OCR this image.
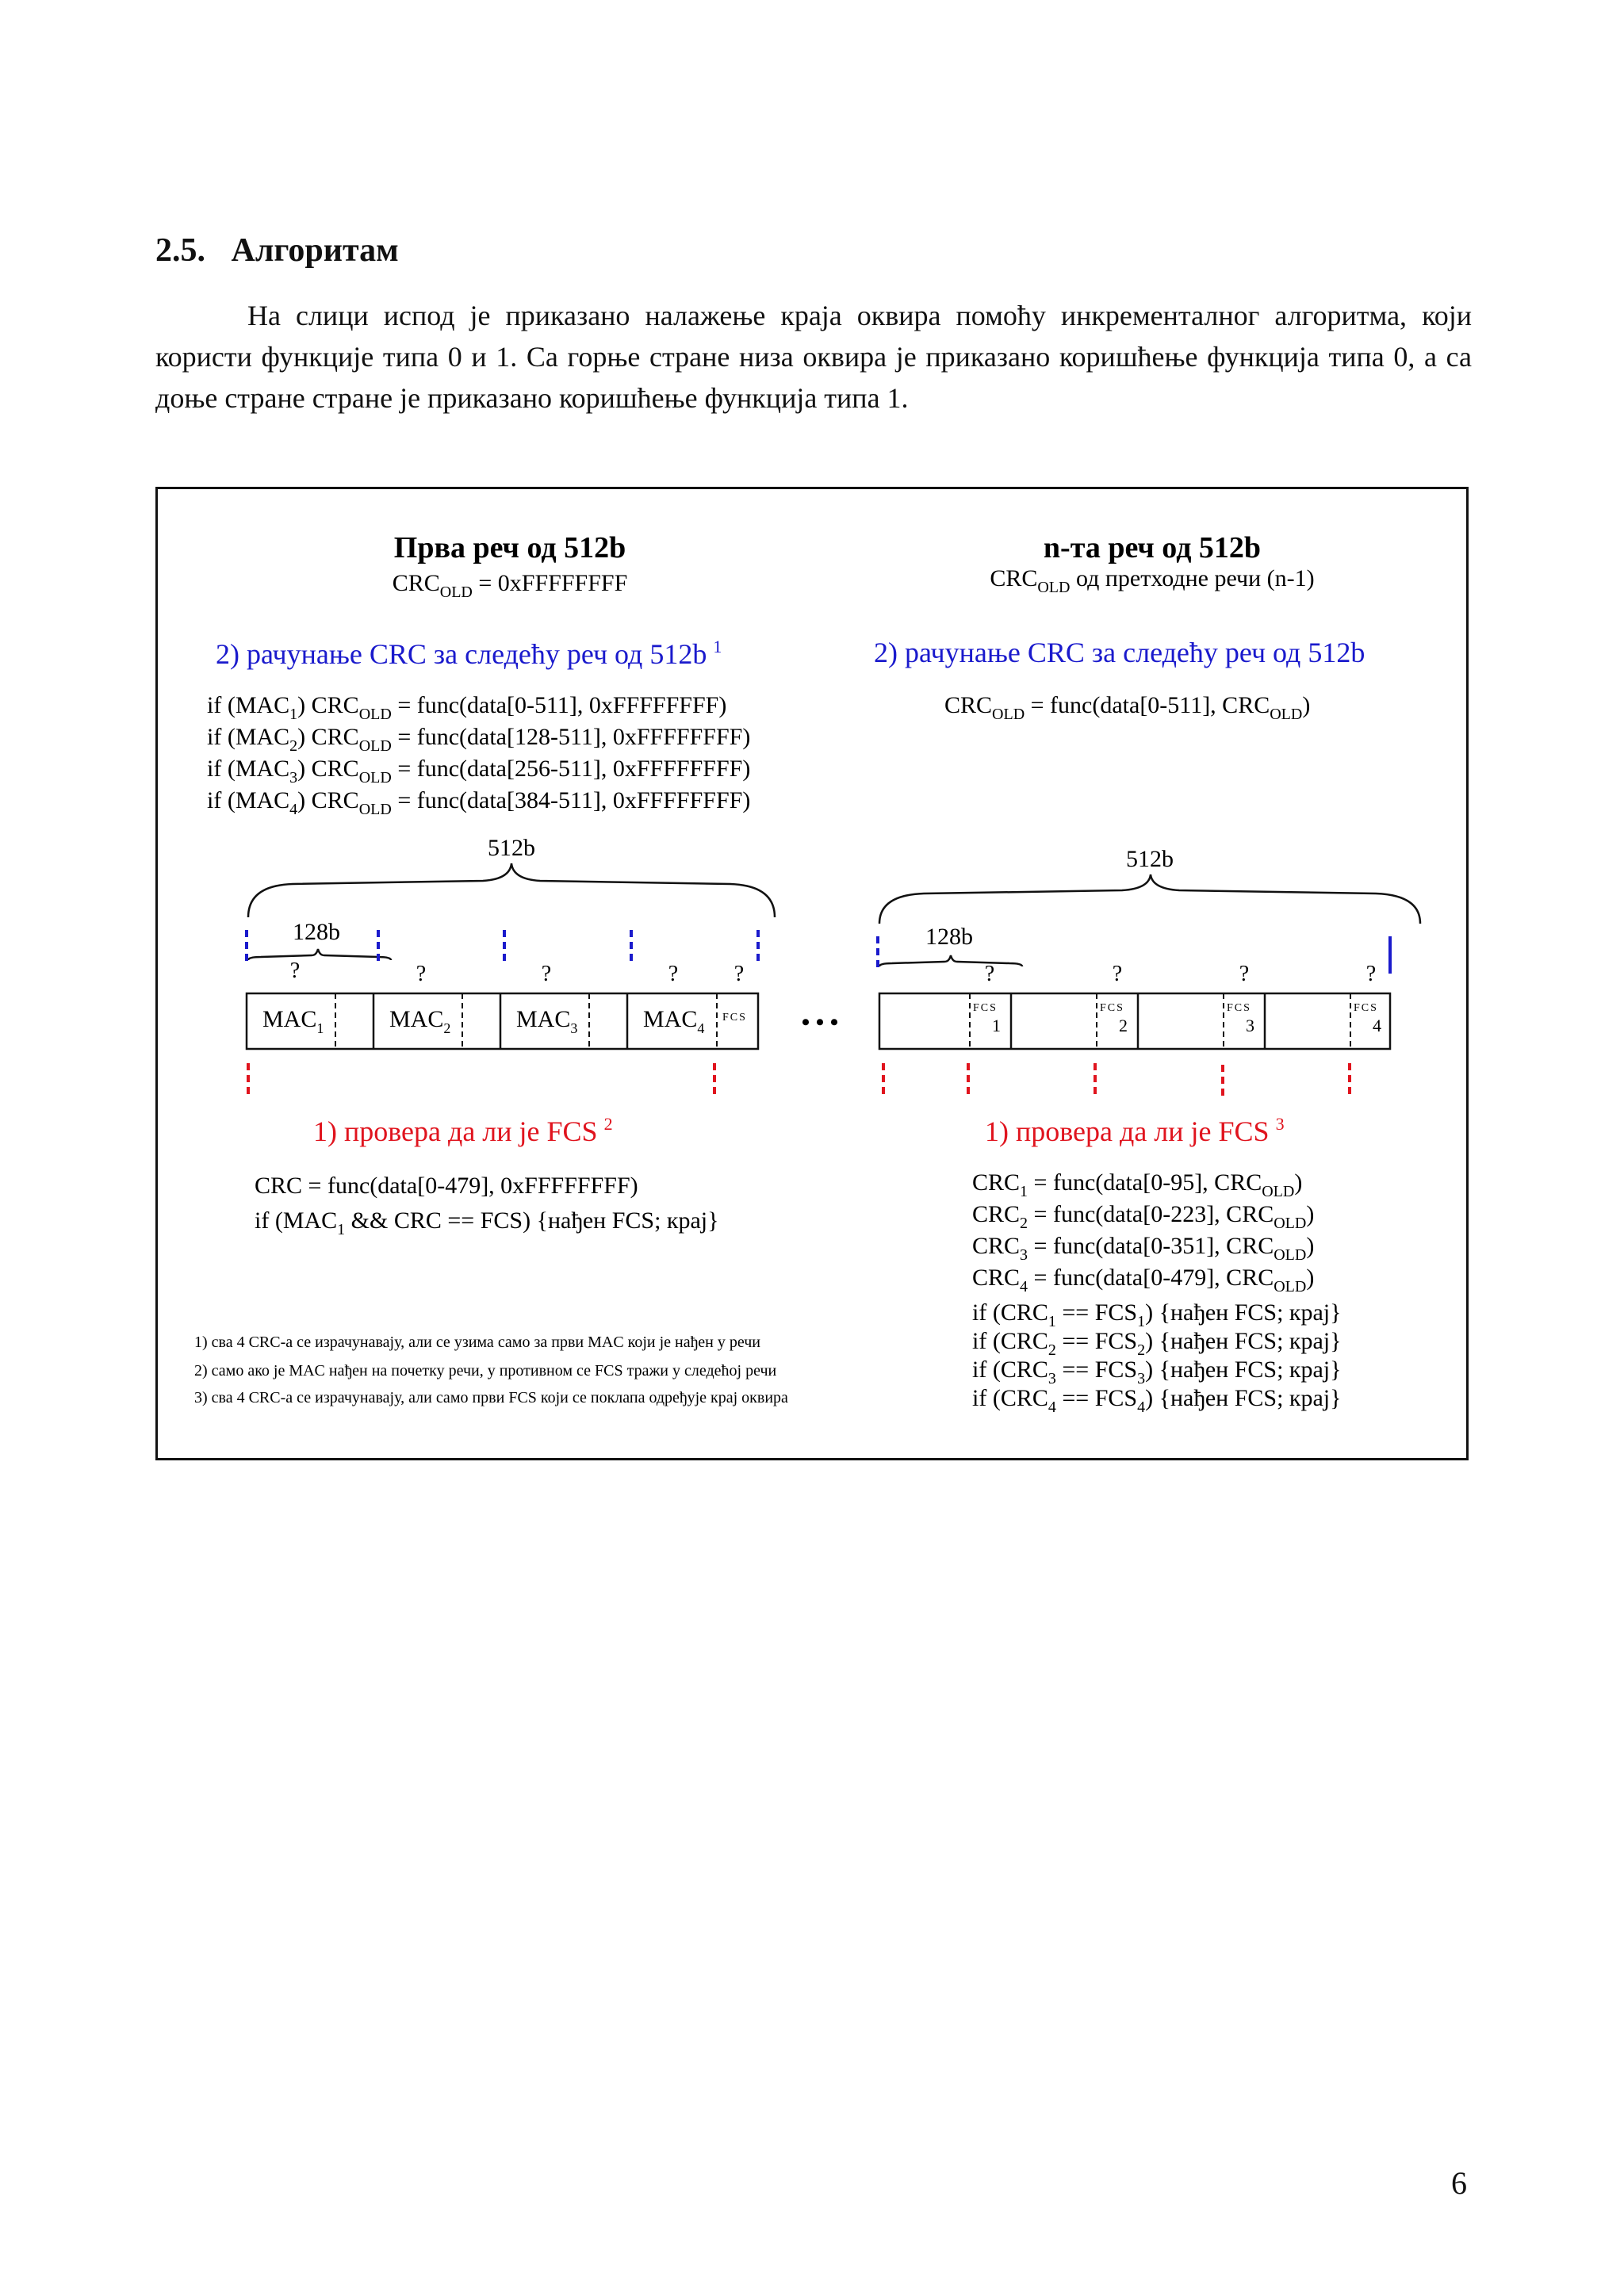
2.5. Алгоритам

На слици испод је приказано налажење краја оквира помоћу инкременталног алгоритма, који користи функције типа 0 и 1. Са горње стране низа оквира је приказано коришћење функција типа 0, а са доње стране стране је приказано коришћење функција типа 1.

Прва реч од 512b
$CRC_{OLD}$ = 0xFFFFFFFF
2) рачунање CRC за следећу реч од 512b $^1$
if $(MAC_1) CRC_{OLD}$ = func(data[0-511], 0xFFFFFFFF)
if $(MAC_2) CRC_{OLD}$ = func(data[128-511], 0xFFFFFFFF)
if $(MAC_3) CRC_{OLD}$ = func(data[256-511], 0xFFFFFFFF)
if $(MAC_4) CRC_{OLD}$ = func(data[384-511], 0xFFFFFFFF)
512b
128b
?	?	?	?	?
$MAC_1$	$MAC_2$	$MAC_3$	$MAC_4$
FCS • • •
1) провера да ли је FCS $^2$
CRC = func(data[0-479], 0xFFFFFFFF)
if ($MAC_1$ && CRC == FCS) {нађен FCS; крај}
1) сва 4 CRC-а се израчунавају, али се узима само за први MAC који је нађен у речи
2) само ако је MAC нађен на почетку речи, у противном се FCS тражи у следећој речи
3) сва 4 CRC-а се израчунавају, али само први FCS који се поклапа одређује крај оквира
n-та реч од 512b
$CRC_{OLD}$ од претходне речи (n-1)
2) рачунање CRC за следећу реч од 512b
$CRC_{OLD}$ = func(data[0-511], $CRC_{OLD}$)
512b
128b
?	?	?	?
FCS	FCS	FCS	FCS
1	2	3	4
1) провера да ли је FCS $^3$
$CRC_1$ = func(data[0-95], $CRC_{OLD}$)
$CRC_2$ = func(data[0-223], $CRC_{OLD}$)
$CRC_3$ = func(data[0-351], $CRC_{OLD}$)
$CRC_4$ = func(data[0-479], $CRC_{OLD}$)
if $(CRC_1 == FCS_1)$ {нађен FCS; крај}
if $(CRC_2 == FCS_2)$ {нађен FCS; крај}
if $(CRC_3 == FCS_3)$ {нађен FCS; крај}
if $(CRC_4 == FCS_4)$ {нађен FCS; крај}
6
